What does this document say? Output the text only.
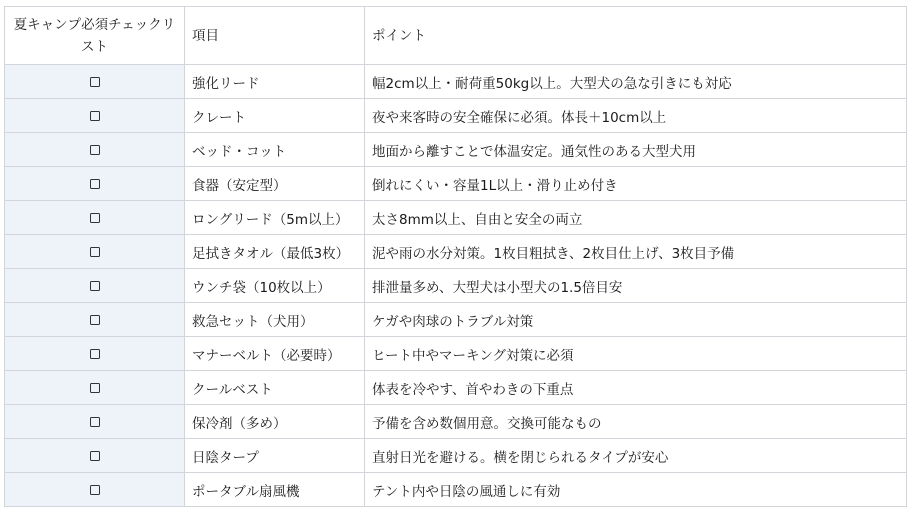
夏キャンプ必須チェックリスト	項目	ポイント
	強化リード	幅2cm以上・耐荷重50kg以上。大型犬の急な引きにも対応
	クレート	夜や来客時の安全確保に必須。体長＋10cm以上
	ベッド・コット	地面から離すことで体温安定。通気性のある大型犬用
	食器（安定型）	倒れにくい・容量1L以上・滑り止め付き
	ロングリード（5m以上）	太さ8mm以上、自由と安全の両立
	足拭きタオル（最低3枚）	泥や雨の水分対策。1枚目粗拭き、2枚目仕上げ、3枚目予備
	ウンチ袋（10枚以上）	排泄量多め、大型犬は小型犬の1.5倍目安
	救急セット（犬用）	ケガや肉球のトラブル対策
	マナーベルト（必要時）	ヒート中やマーキング対策に必須
	クールベスト	体表を冷やす、首やわきの下重点
	保冷剤（多め）	予備を含め数個用意。交換可能なもの
	日陰タープ	直射日光を避ける。横を閉じられるタイプが安心
	ポータブル扇風機	テント内や日陰の風通しに有効
